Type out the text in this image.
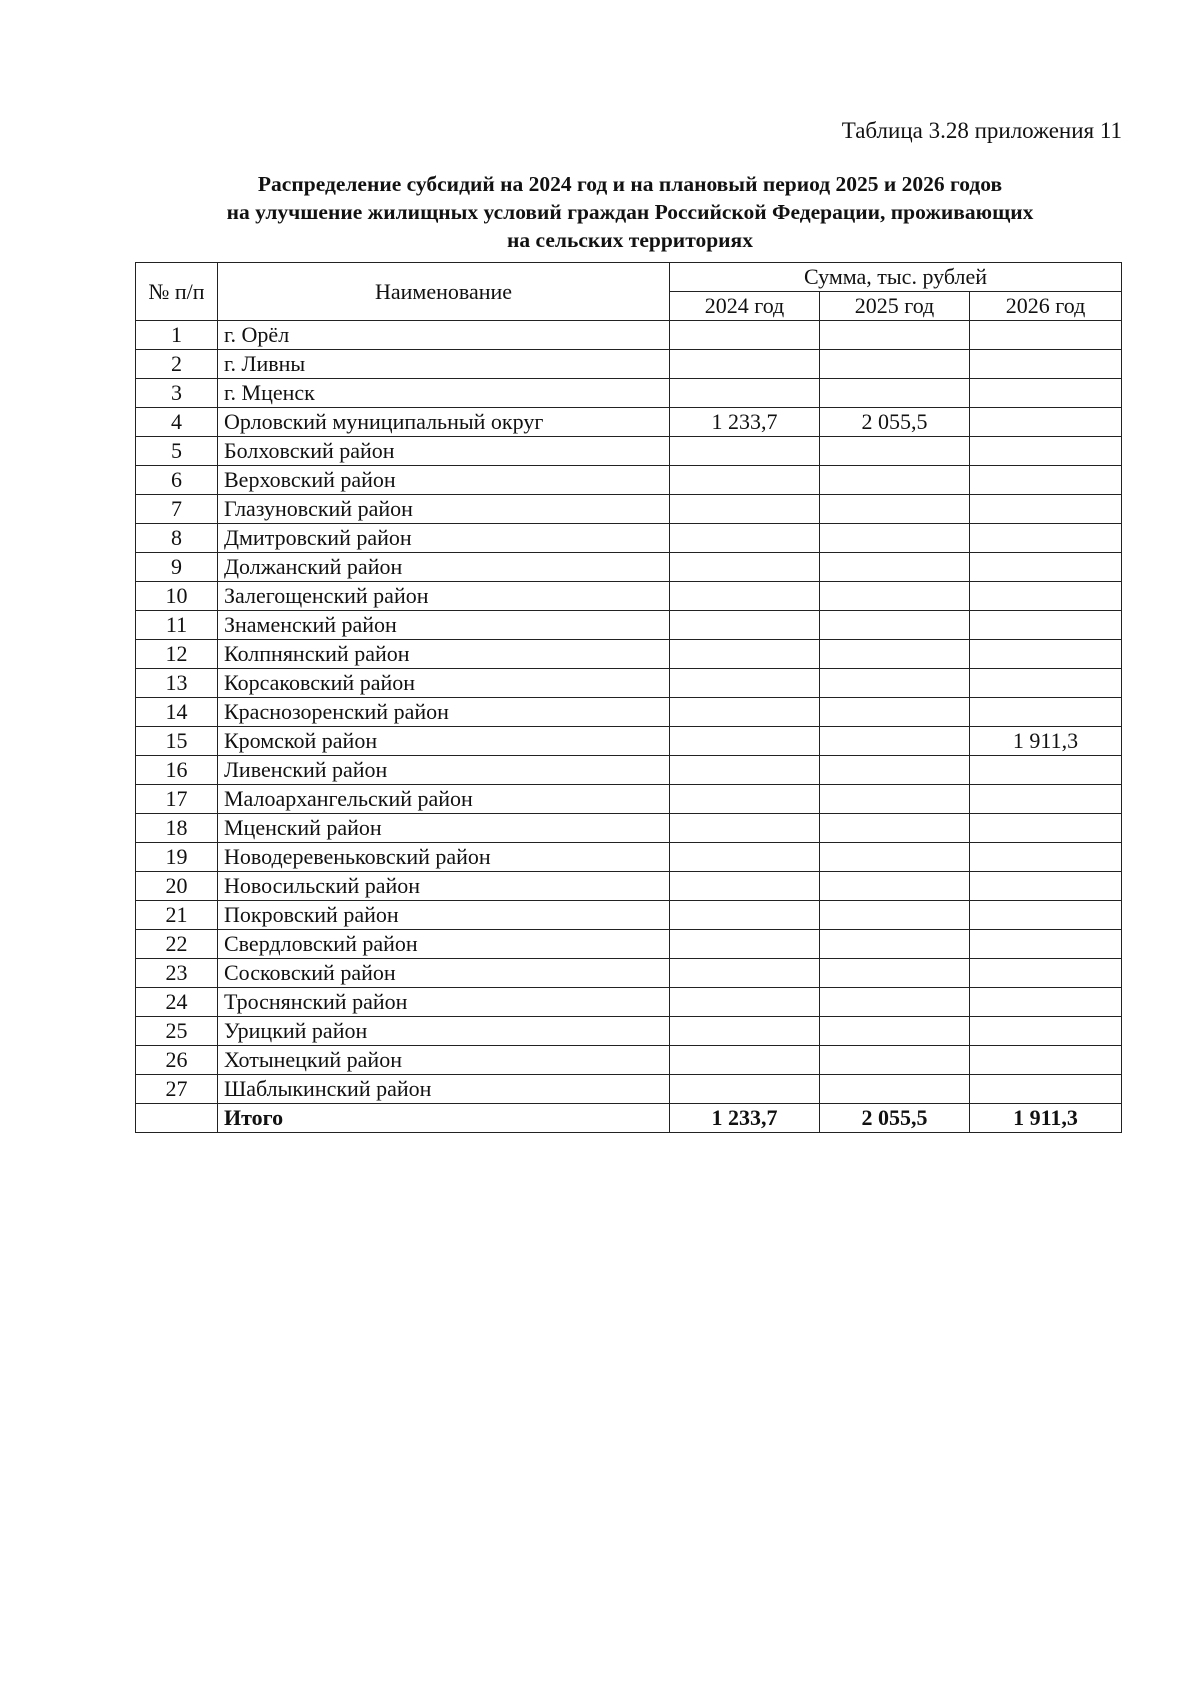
Таблица 3.28 приложения 11

Распределение субсидий на 2024 год и на плановый период 2025 и 2026 годов
на улучшение жилищных условий граждан Российской Федерации, проживающих
на сельских территориях
№ п/п	Наименование	Сумма, тыс. рублей		
		2024 год	2025 год	2026 год
1	г. Орёл			
2	г. Ливны			
3	г. Мценск			
4	Орловский муниципальный округ	1 233,7	2 055,5	
5	Болховский район			
6	Верховский район			
7	Глазуновский район			
8	Дмитровский район			
9	Должанский район			
10	Залегощенский район			
11	Знаменский район			
12	Колпнянский район			
13	Корсаковский район			
14	Краснозоренский район			
15	Кромской район			1 911,3
16	Ливенский район			
17	Малоархангельский район			
18	Мценский район			
19	Новодеревеньковский район			
20	Новосильский район			
21	Покровский район			
22	Свердловский район			
23	Сосковский район			
24	Троснянский район			
25	Урицкий район			
26	Хотынецкий район			
27	Шаблыкинский район			
	Итого	1 233,7	2 055,5	1 911,3
